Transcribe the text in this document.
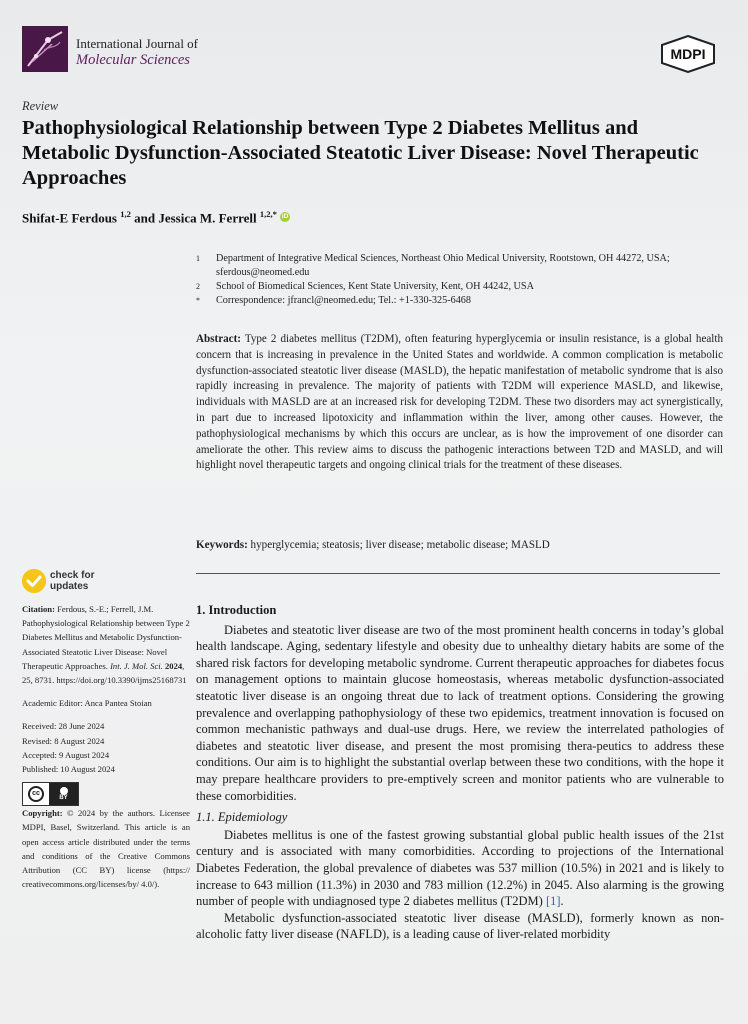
International Journal of
Molecular Sciences	MDPI
Review
Pathophysiological Relationship between Type 2 Diabetes Mellitus and Metabolic Dysfunction-Associated Steatotic Liver Disease: Novel Therapeutic Approaches
Shifat-E Ferdous $^{1,2}$ and Jessica M. Ferrell $^{1,2,*}$ iD
1	Department of Integrative Medical Sciences, Northeast Ohio Medical University, Rootstown, OH 44272, USA; sferdous@neomed.edu
2	School of Biomedical Sciences, Kent State University, Kent, OH 44242, USA
*	Correspondence: jfrancl@neomed.edu; Tel.: +1-330-325-6468

Abstract: Type 2 diabetes mellitus (T2DM), often featuring hyperglycemia or insulin resistance, is a global health concern that is increasing in prevalence in the United States and worldwide. A common complication is metabolic dysfunction-associated steatotic liver disease (MASLD), the hepatic manifestation of metabolic syndrome that is also rapidly increasing in prevalence. The majority of patients with T2DM will experience MASLD, and likewise, individuals with MASLD are at an increased risk for developing T2DM. These two disorders may act synergistically, in part due to increased lipotoxicity and inflammation within the liver, among other causes. However, the pathophysiological mechanisms by which this occurs are unclear, as is how the improvement of one disorder can ameliorate the other. This review aims to discuss the pathogenic interactions between T2D and MASLD, and will highlight novel therapeutic targets and ongoing clinical trials for the treatment of these diseases.

Keywords: hyperglycemia; steatosis; liver disease; metabolic disease; MASLD
check for
updates

Citation: Ferdous, S.-E.; Ferrell, J.M. Pathophysiological Relationship between Type 2 Diabetes Mellitus and Metabolic Dysfunction-Associated Steatotic Liver Disease: Novel Therapeutic Approaches. Int. J. Mol. Sci. 2024, 25, 8731. https://doi.org/10.3390/ijms25168731

Academic Editor: Anca Pantea Stoian

Received: 28 June 2024

Revised: 8 August 2024

Accepted: 9 August 2024

Published: 10 August 2024

cc
BY

Copyright: © 2024 by the authors. Licensee MDPI, Basel, Switzerland. This article is an open access article distributed under the terms and conditions of the Creative Commons Attribution (CC BY) license (https:// creativecommons.org/licenses/by/ 4.0/).

1. Introduction

Diabetes and steatotic liver disease are two of the most prominent health concerns in today’s global health landscape. Aging, sedentary lifestyle and obesity due to unhealthy dietary habits are some of the shared risk factors for developing metabolic syndrome. Current therapeutic approaches for diabetes focus on management options to maintain glucose homeostasis, whereas metabolic dysfunction-associated steatotic liver disease is an ongoing threat due to lack of treatment options. Considering the growing prevalence and overlapping pathophysiology of these two epidemics, treatment innovation is focused on common mechanistic pathways and dual-use drugs. Here, we review the interrelated pathologies of diabetes and steatotic liver disease, and present the most promising thera-peutics to address these conditions. Our aim is to highlight the substantial overlap between these two conditions, with the hope it may prepare healthcare providers to pre-emptively screen and monitor patients who are vulnerable to these comorbidities.

1.1. Epidemiology

Diabetes mellitus is one of the fastest growing substantial global public health issues of the 21st century and is associated with many comorbidities. According to projections of the International Diabetes Federation, the global prevalence of diabetes was 537 million (10.5%) in 2021 and is likely to increase to 643 million (11.3%) in 2030 and 783 million (12.2%) in 2045. Also alarming is the growing number of people with undiagnosed type 2 diabetes mellitus (T2DM) [1].

Metabolic dysfunction-associated steatotic liver disease (MASLD), formerly known as non-alcoholic fatty liver disease (NAFLD), is a leading cause of liver-related morbidity
